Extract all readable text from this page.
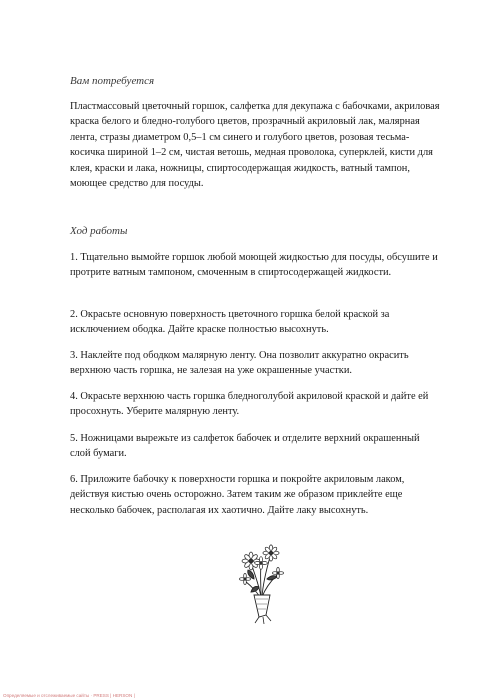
Вам потребуется

Пластмассовый цветочный горшок, салфетка для декупажа с бабочками, акриловая краска белого и бледно-голубого цветов, прозрачный акриловый лак, малярная лента, стразы диаметром 0,5–1 см синего и голубого цветов, розовая тесьма-косичка шириной 1–2 см, чистая ветошь, медная проволока, суперклей, кисти для клея, краски и лака, ножницы, спиртосодержащая жидкость, ватный тампон, моющее средство для посуды.

Ход работы

1. Тщательно вымойте горшок любой моющей жидкостью для посуды, обсушите и протрите ватным тампоном, смоченным в спиртосодержащей жидкости.

2. Окрасьте основную поверхность цветочного горшка белой краской за исключением ободка. Дайте краске полностью высохнуть.

3. Наклейте под ободком малярную ленту. Она позволит аккуратно окрасить верхнюю часть горшка, не залезая на уже окрашенные участки.

4. Окрасьте верхнюю часть горшка бледноголубой акриловой краской и дайте ей просохнуть. Уберите малярную ленту.

5. Ножницами вырежьте из салфеток бабочек и отделите верхний окрашенный слой бумаги.

6. Приложите бабочку к поверхности горшка и покройте акриловым лаком, действуя кистью очень осторожно. Затем таким же образом приклейте еще несколько бабочек, располагая их хаотично. Дайте лаку высохнуть.

Определяемые и отслеживаемые сайты · PRESS | HERSON |
